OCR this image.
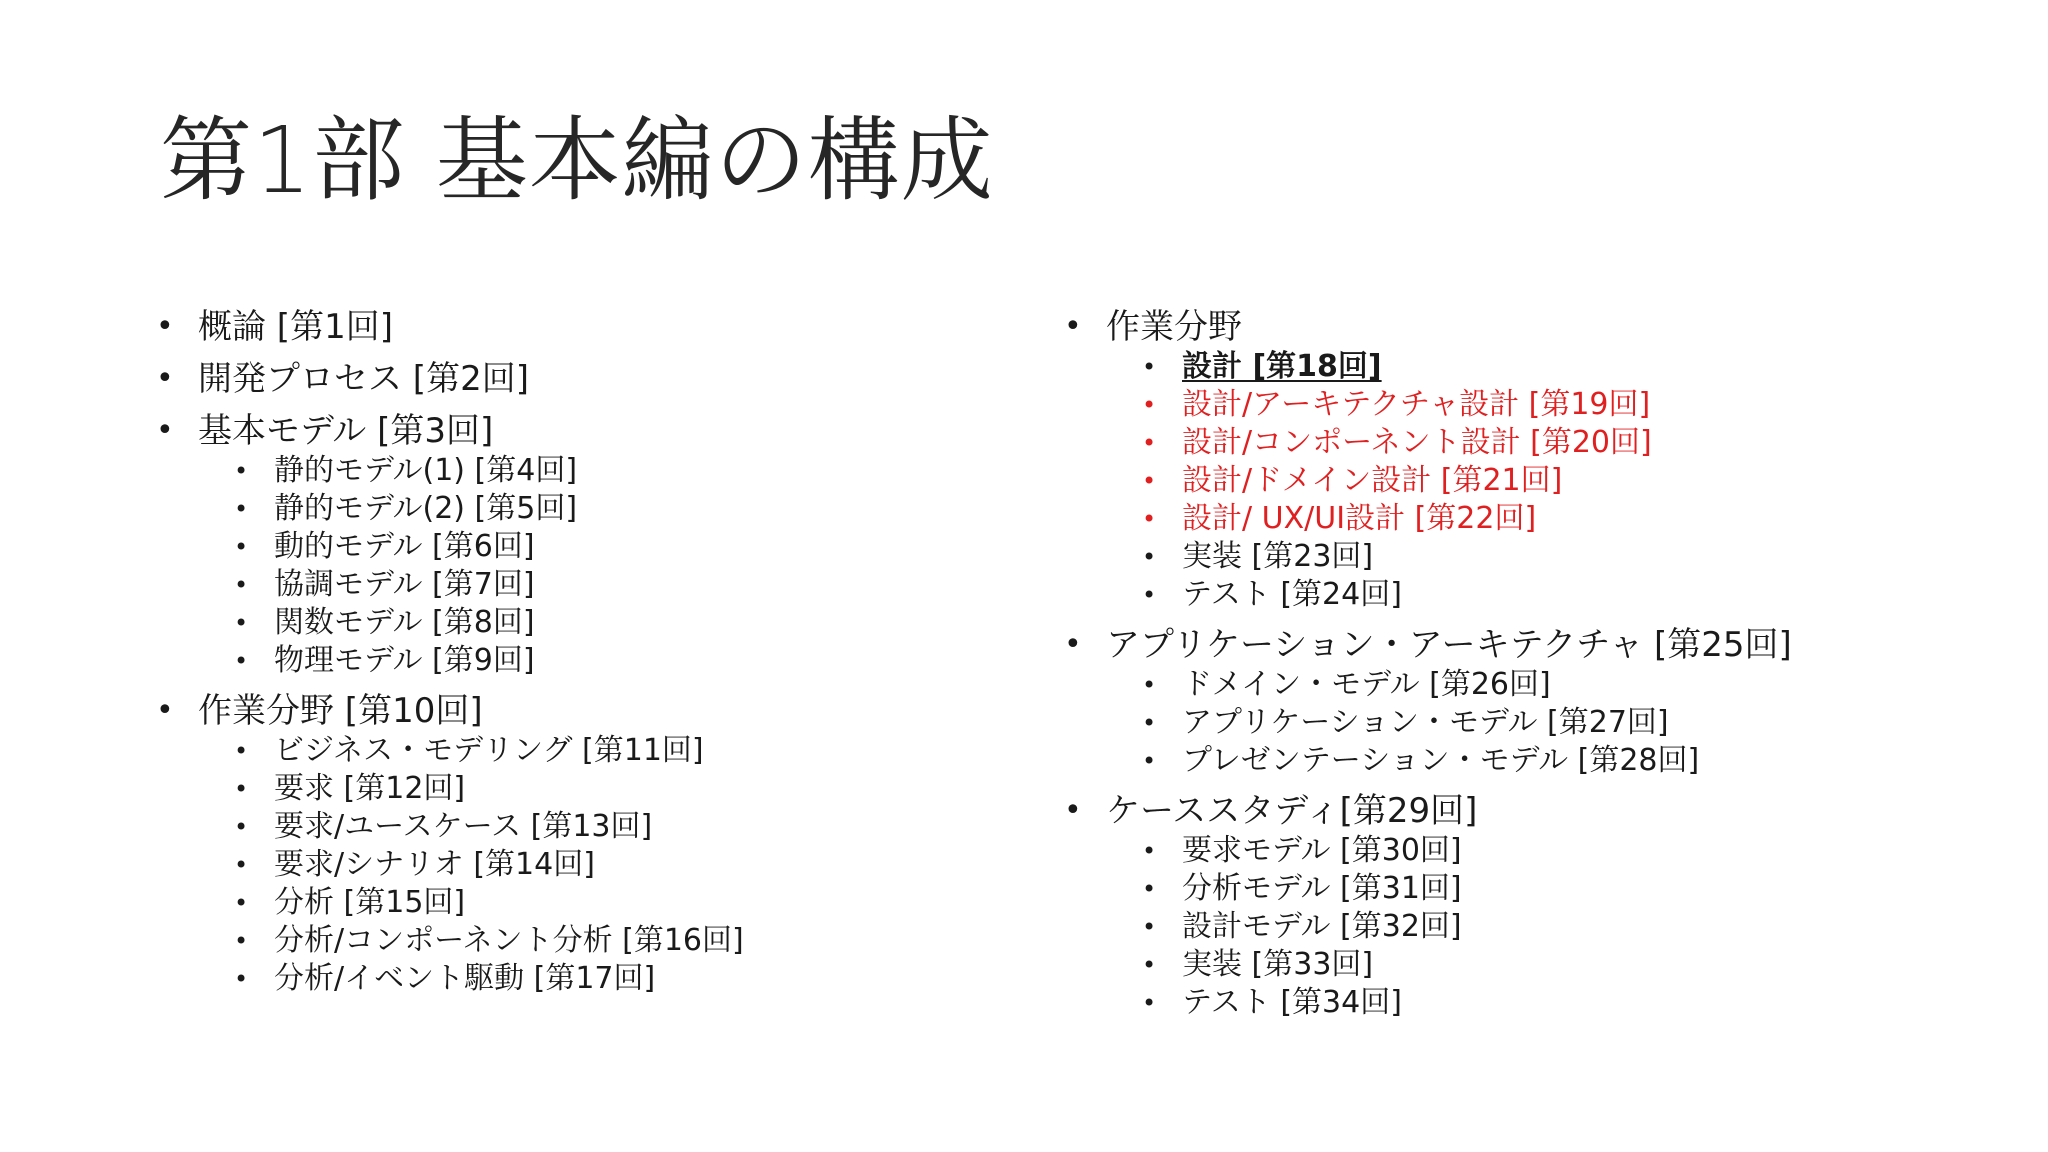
第1部 基本編の構成
• 概論 [第1回]
• 開発プロセス [第2回]
• 基本モデル [第3回]
• 静的モデル(1) [第4回]
• 静的モデル(2) [第5回]
• 動的モデル [第6回]
• 協調モデル [第7回]
• 関数モデル [第8回]
• 物理モデル [第9回]
• 作業分野 [第10回]
• ビジネス・モデリング [第11回]
• 要求 [第12回]
• 要求/ユースケース [第13回]
• 要求/シナリオ [第14回]
• 分析 [第15回]
• 分析/コンポーネント分析 [第16回]
• 分析/イベント駆動 [第17回]
• 作業分野
• 設計 [第18回]
• 設計/アーキテクチャ設計 [第19回]
• 設計/コンポーネント設計 [第20回]
• 設計/ドメイン設計 [第21回]
• 設計/ UX/UI設計 [第22回]
• 実装 [第23回]
• テスト [第24回]
• アプリケーション・アーキテクチャ [第25回]
• ドメイン・モデル [第26回]
• アプリケーション・モデル [第27回]
• プレゼンテーション・モデル [第28回]
• ケーススタディ[第29回]
• 要求モデル [第30回]
• 分析モデル [第31回]
• 設計モデル [第32回]
• 実装 [第33回]
• テスト [第34回]
